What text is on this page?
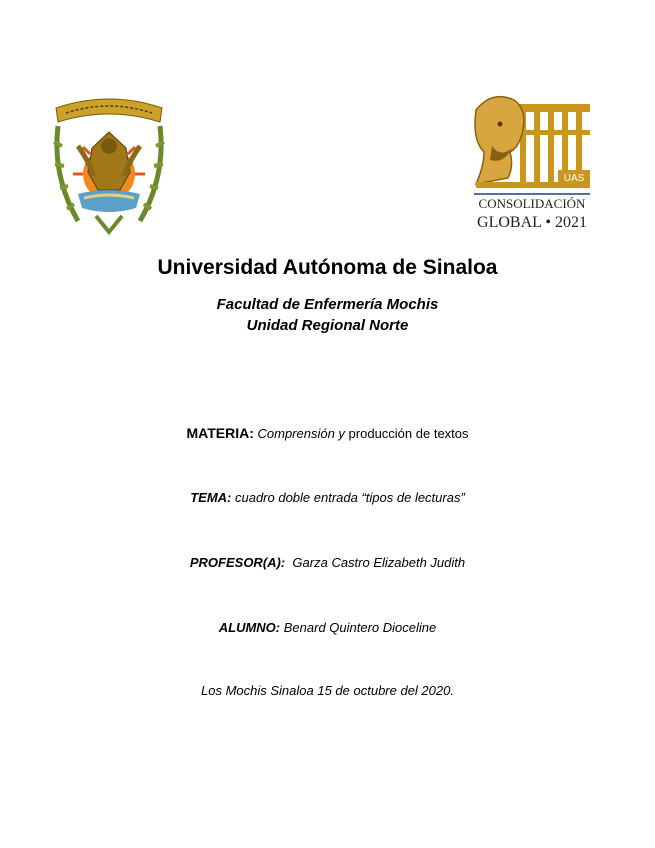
UAS
CONSOLIDACIÓN
GLOBAL • 2021
Universidad Autónoma de Sinaloa
Facultad de Enfermería Mochis
Unidad Regional Norte
MATERIA: Comprensión y producción de textos
TEMA: cuadro doble entrada “tipos de lecturas”
PROFESOR(A):  Garza Castro Elizabeth Judith
ALUMNO: Benard Quintero Dioceline
Los Mochis Sinaloa 15 de octubre del 2020.
